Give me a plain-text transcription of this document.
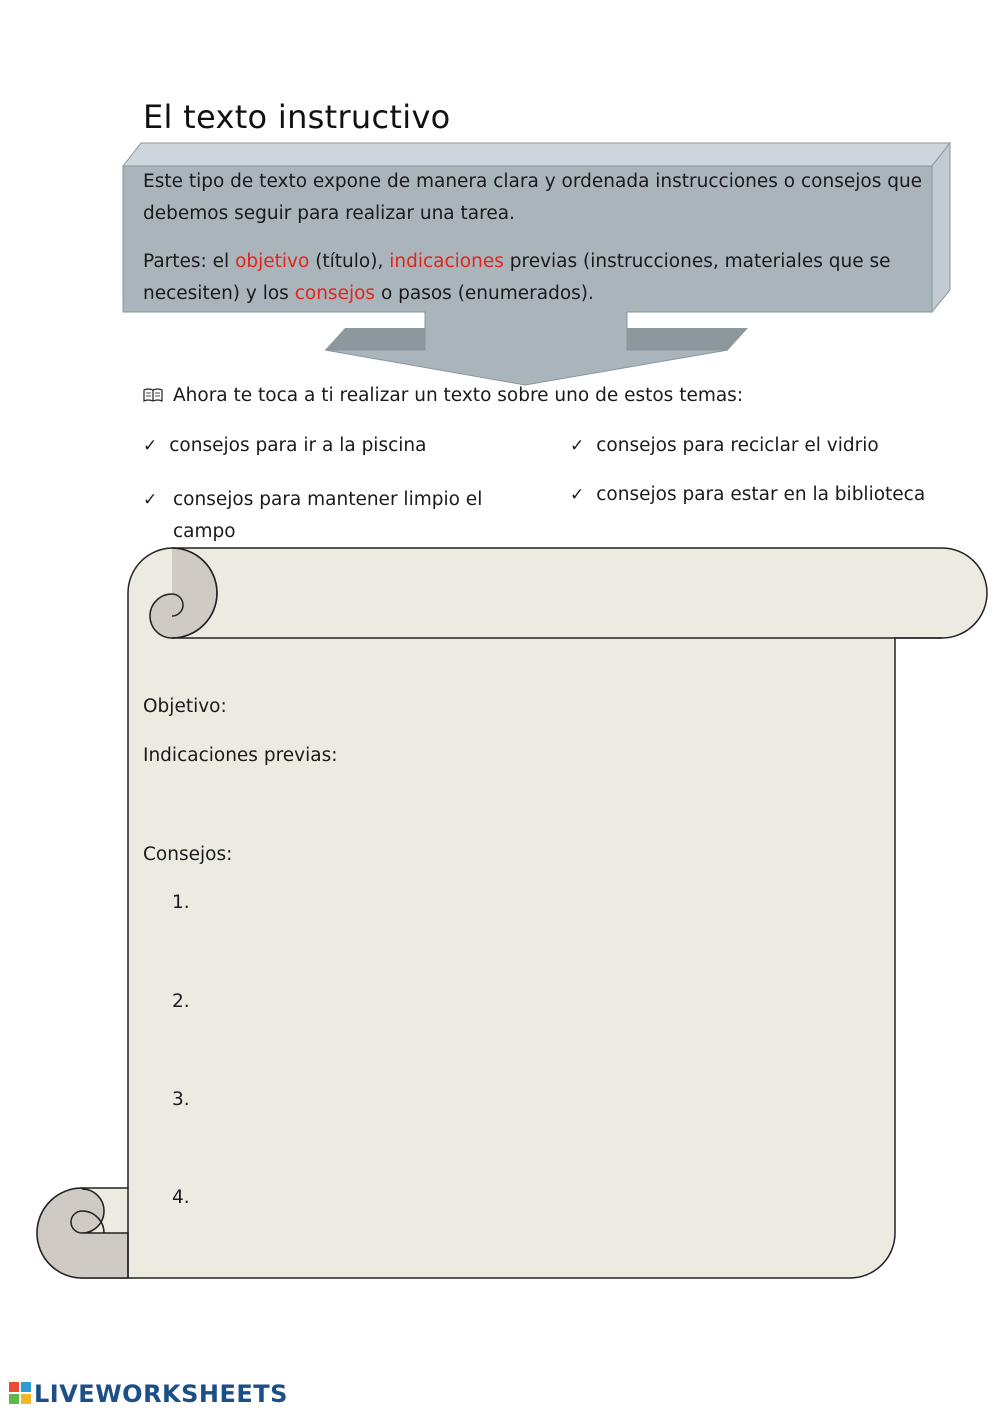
El texto instructivo
Este tipo de texto expone de manera clara y ordenada instrucciones o consejos que debemos seguir para realizar una tarea.
Partes: el objetivo (título), indicaciones previas (instrucciones, materiales que se necesiten) y los consejos o pasos (enumerados).
Ahora te toca a ti realizar un texto sobre uno de estos temas:
✓ consejos para ir a la piscina	✓ consejos para reciclar el vidrio
✓ consejos para mantener limpio el campo
✓ consejos para estar en la biblioteca
Objetivo:
Indicaciones previas:
Consejos:
1.
2.
3.
4.
LIVEWORKSHEETS
